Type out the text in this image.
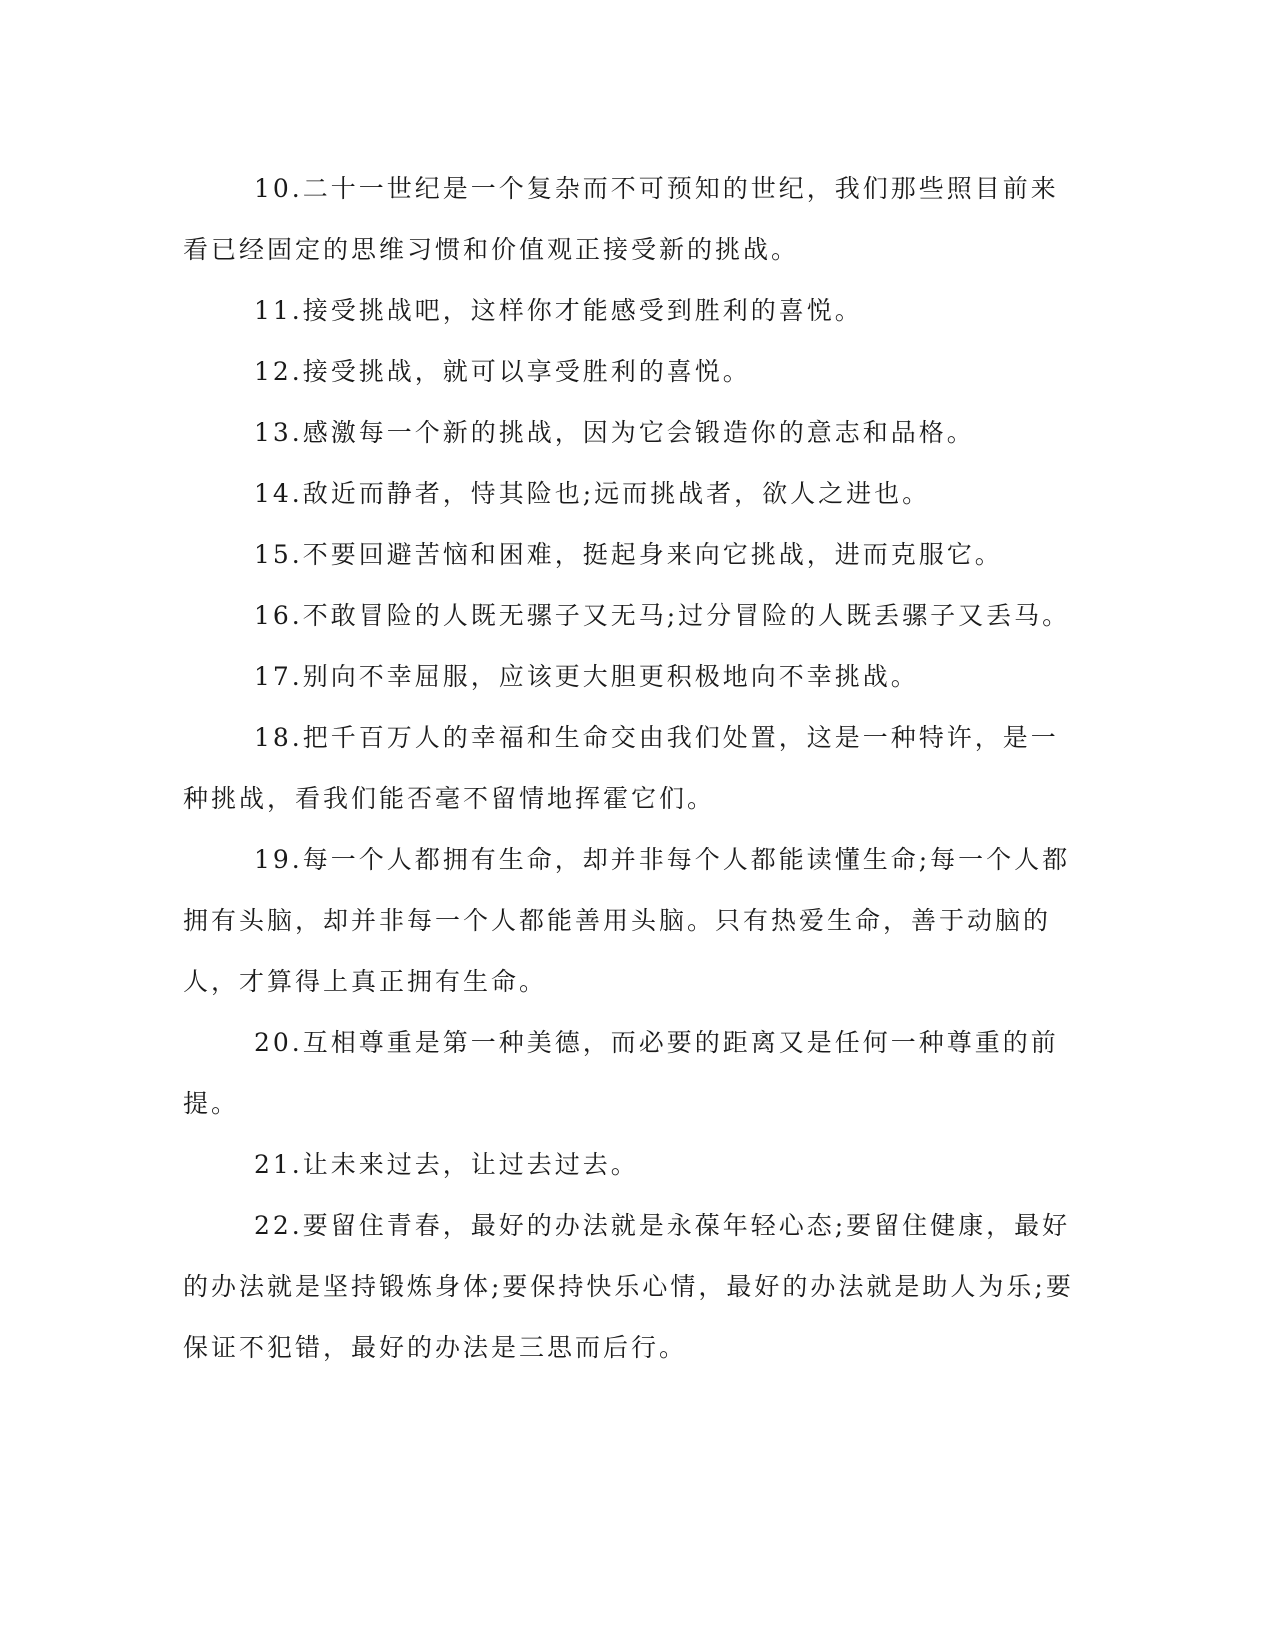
10.二十一世纪是一个复杂而不可预知的世纪，我们那些照目前来看已经固定的思维习惯和价值观正接受新的挑战。

11.接受挑战吧，这样你才能感受到胜利的喜悦。

12.接受挑战，就可以享受胜利的喜悦。

13.感激每一个新的挑战，因为它会锻造你的意志和品格。

14.敌近而静者，恃其险也;远而挑战者，欲人之进也。

15.不要回避苦恼和困难，挺起身来向它挑战，进而克服它。

16.不敢冒险的人既无骡子又无马;过分冒险的人既丢骡子又丢马。

17.别向不幸屈服，应该更大胆更积极地向不幸挑战。

18.把千百万人的幸福和生命交由我们处置，这是一种特许，是一种挑战，看我们能否毫不留情地挥霍它们。

19.每一个人都拥有生命，却并非每个人都能读懂生命;每一个人都拥有头脑，却并非每一个人都能善用头脑。只有热爱生命，善于动脑的人，才算得上真正拥有生命。

20.互相尊重是第一种美德，而必要的距离又是任何一种尊重的前提。

21.让未来过去，让过去过去。

22.要留住青春，最好的办法就是永葆年轻心态;要留住健康，最好的办法就是坚持锻炼身体;要保持快乐心情，最好的办法就是助人为乐;要保证不犯错，最好的办法是三思而后行。
